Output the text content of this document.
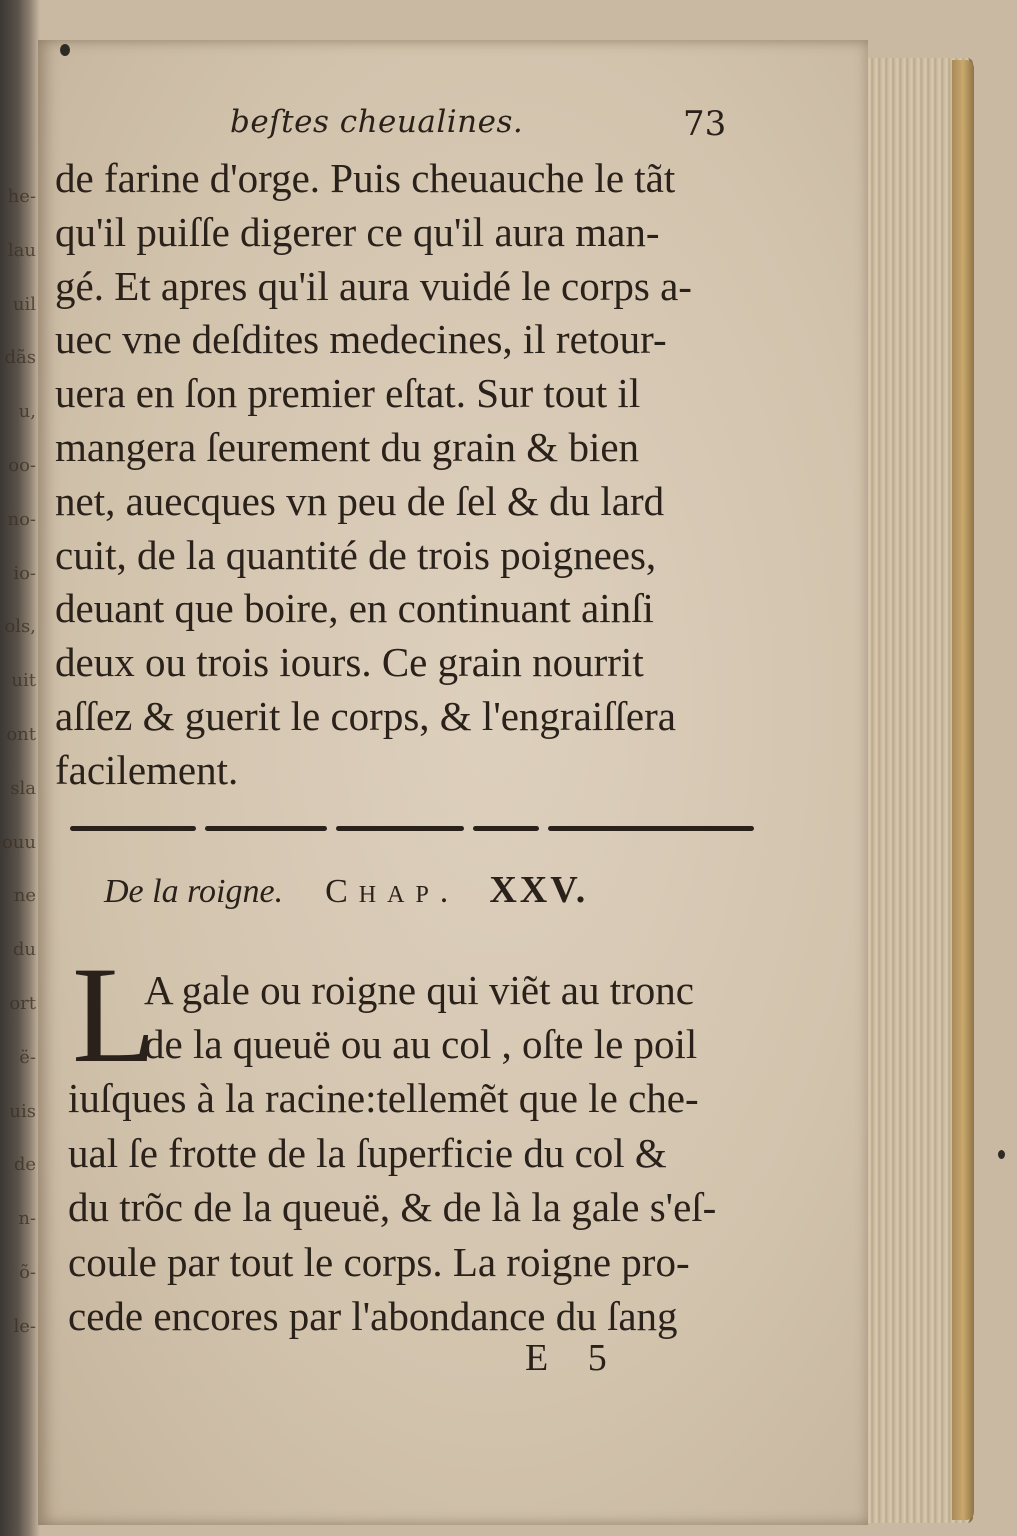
he-
lau
uil
dãs
u,
oo-
no-
io-
ols,
uit
ont
sla
ouu
ne
du
ort
ë-
uis
de
n-
õ-
le-
beſtes cheualines.	73
de farine d'orge. Puis cheuauche le tãt
qu'il puiſſe digerer ce qu'il aura man-
gé. Et apres qu'il aura vuidé le corps a-
uec vne deſdites medecines, il retour-
uera en ſon premier eſtat. Sur tout il
mangera ſeurement du grain & bien
net, auecques vn peu de ſel & du lard
cuit, de la quantité de trois poignees,
deuant que boire, en continuant ainſi
deux ou trois iours. Ce grain nourrit
aſſez & guerit le corps, & l'engraiſſera
facilement.
De la roigne. Chap. XXV.
L
A gale ou roigne qui viẽt au tronc
de la queuë ou au col , oſte le poil
iuſques à la racine:tellemẽt que le che-
ual ſe frotte de la ſuperficie du col &
du trõc de la queuë, & de là la gale s'eſ-
coule par tout le corps. La roigne pro-
cede encores par l'abondance du ſang
E 5
